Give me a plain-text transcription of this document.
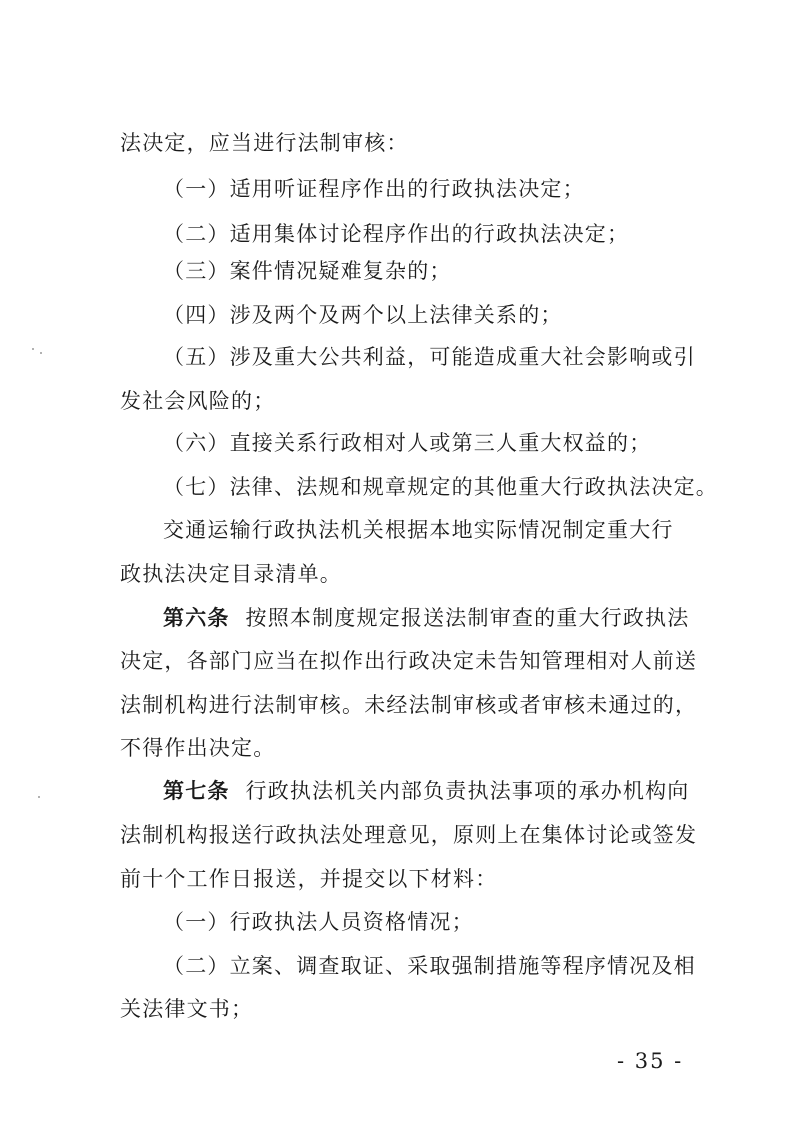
法决定，应当进行法制审核：
（一）适用听证程序作出的行政执法决定；
（二）适用集体讨论程序作出的行政执法决定；
（三）案件情况疑难复杂的；
（四）涉及两个及两个以上法律关系的；
（五）涉及重大公共利益，可能造成重大社会影响或引
发社会风险的；
（六）直接关系行政相对人或第三人重大权益的；
（七）法律、法规和规章规定的其他重大行政执法决定。
交通运输行政执法机关根据本地实际情况制定重大行
政执法决定目录清单。
第六条 按照本制度规定报送法制审查的重大行政执法
决定，各部门应当在拟作出行政决定未告知管理相对人前送
法制机构进行法制审核。未经法制审核或者审核未通过的，
不得作出决定。
第七条 行政执法机关内部负责执法事项的承办机构向
法制机构报送行政执法处理意见，原则上在集体讨论或签发
前十个工作日报送，并提交以下材料：
（一）行政执法人员资格情况；
（二）立案、调查取证、采取强制措施等程序情况及相
关法律文书；
- 35 -
